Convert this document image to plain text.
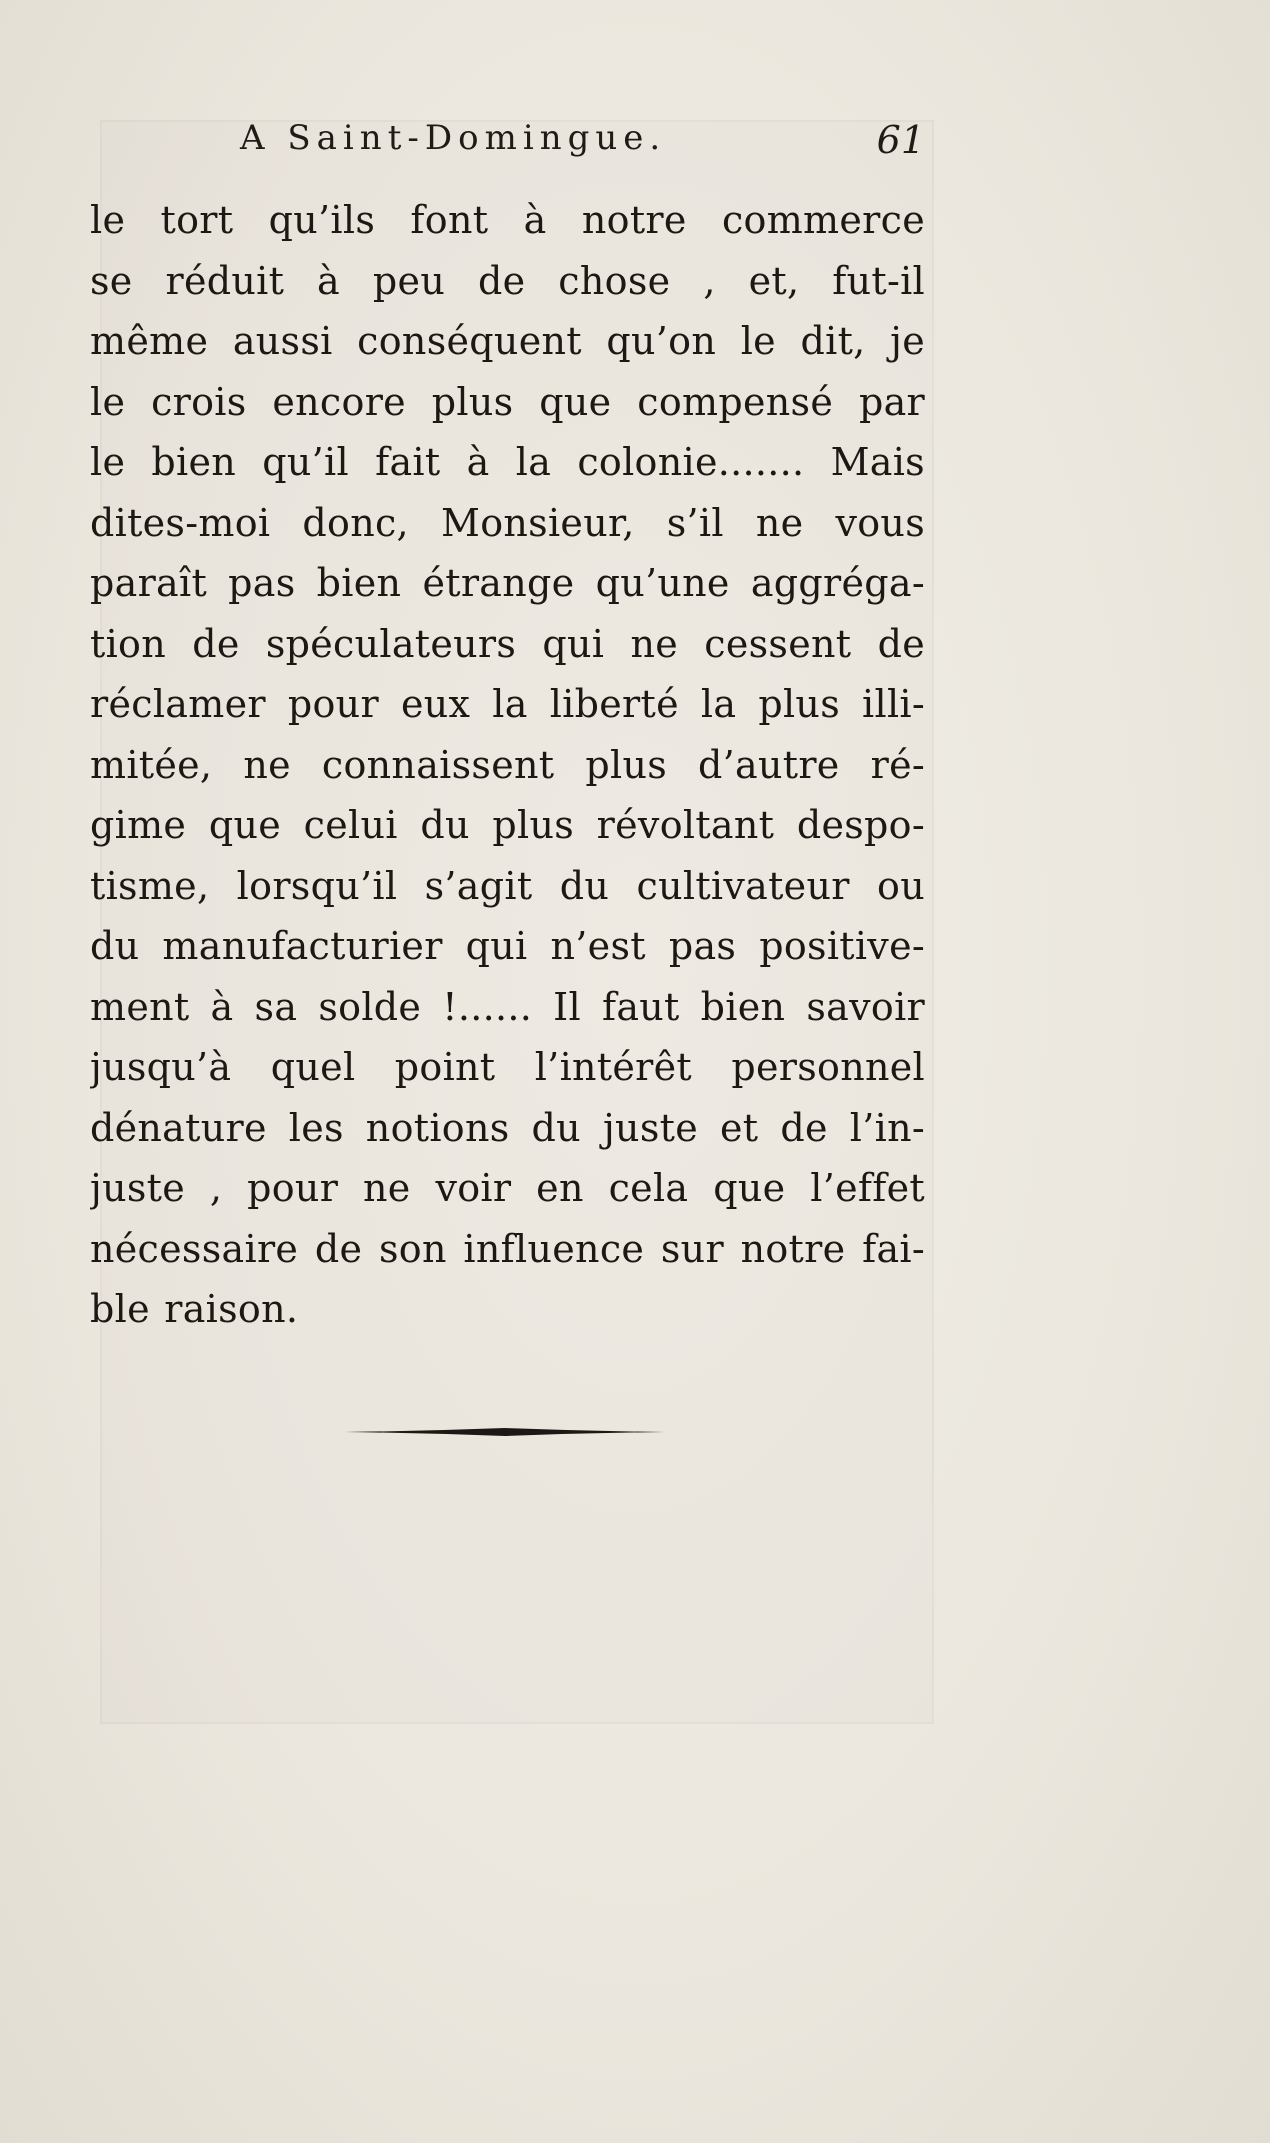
A Saint-Domingue.	61
le tort qu’ils font à notre commerce
se réduit à peu de chose , et, fut-il
même aussi conséquent qu’on le dit, je
le crois encore plus que compensé par
le bien qu’il fait à la colonie....... Mais
dites-moi donc, Monsieur, s’il ne vous
paraît pas bien étrange qu’une aggréga-
tion de spéculateurs qui ne cessent de
réclamer pour eux la liberté la plus illi-
mitée, ne connaissent plus d’autre ré-
gime que celui du plus révoltant despo-
tisme, lorsqu’il s’agit du cultivateur ou
du manufacturier qui n’est pas positive-
ment à sa solde !...... Il faut bien savoir
jusqu’à quel point l’intérêt personnel
dénature les notions du juste et de l’in-
juste , pour ne voir en cela que l’effet
nécessaire de son influence sur notre fai-
ble raison.
